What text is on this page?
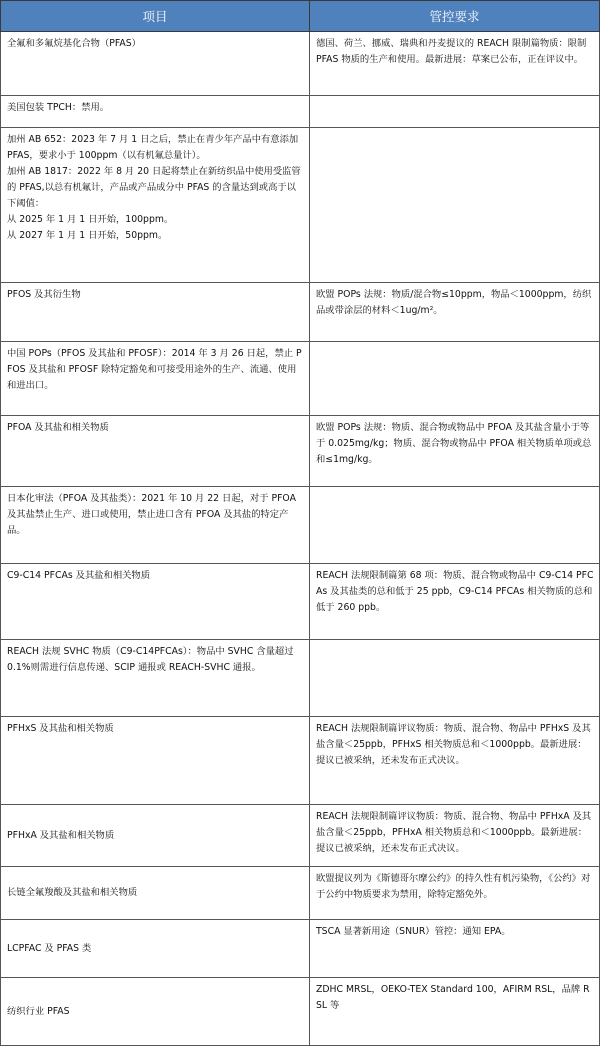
项目	管控要求

全氟和多氟烷基化合物（PFAS）	德国、荷兰、挪威、瑞典和丹麦提议的 REACH 限制篇物质：限制 PFAS 物质的生产和使用。最新进展：草案已公布，正在评议中。

美国包装 TPCH：禁用。	

加州 AB 652：2023 年 7 月 1 日之后，禁止在青少年产品中有意添加 PFAS，要求小于 100ppm（以有机氟总量计）。
加州 AB 1817：2022 年 8 月 20 日起将禁止在新纺织品中使用受监管的 PFAS,以总有机氟计，产品或产品成分中 PFAS 的含量达到或高于以下阈值：
从 2025 年 1 月 1 日开始，100ppm。
从 2027 年 1 月 1 日开始，50ppm。	

PFOS 及其衍生物	欧盟 POPs 法规：物质/混合物≤10ppm，物品＜1000ppm，纺织品或带涂层的材料＜1ug/m²。

中国 POPs（PFOS 及其盐和 PFOSF）：2014 年 3 月 26 日起，禁止 PFOS 及其盐和 PFOSF 除特定豁免和可接受用途外的生产、流通、使用和进出口。	

PFOA 及其盐和相关物质	欧盟 POPs 法规：物质、混合物或物品中 PFOA 及其盐含量小于等于 0.025mg/kg；物质、混合物或物品中 PFOA 相关物质单项或总和≤1mg/kg。

日本化审法（PFOA 及其盐类）：2021 年 10 月 22 日起，对于 PFOA 及其盐禁止生产、进口或使用，禁止进口含有 PFOA 及其盐的特定产品。	

C9-C14 PFCAs 及其盐和相关物质	REACH 法规限制篇第 68 项：物质、混合物或物品中 C9-C14 PFCAs 及其盐类的总和低于 25 ppb，C9-C14 PFCAs 相关物质的总和低于 260 ppb。

REACH 法规 SVHC 物质（C9-C14PFCAs）：物品中 SVHC 含量超过 0.1%则需进行信息传递、SCIP 通报或 REACH-SVHC 通报。	

PFHxS 及其盐和相关物质	REACH 法规限制篇评议物质：物质、混合物、物品中 PFHxS 及其盐含量＜25ppb，PFHxS 相关物质总和＜1000ppb。最新进展：提议已被采纳，还未发布正式决议。

PFHxA 及其盐和相关物质	REACH 法规限制篇评议物质：物质、混合物、物品中 PFHxA 及其盐含量＜25ppb，PFHxA 相关物质总和＜1000ppb。最新进展：提议已被采纳，还未发布正式决议。

长链全氟羧酸及其盐和相关物质	欧盟提议列为《斯德哥尔摩公约》的持久性有机污染物，《公约》对于公约中物质要求为禁用，除特定豁免外。

LCPFAC 及 PFAS 类	TSCA 显著新用途（SNUR）管控：通知 EPA。

纺织行业 PFAS	ZDHC MRSL，OEKO-TEX Standard 100，AFIRM RSL，品牌 RSL 等
